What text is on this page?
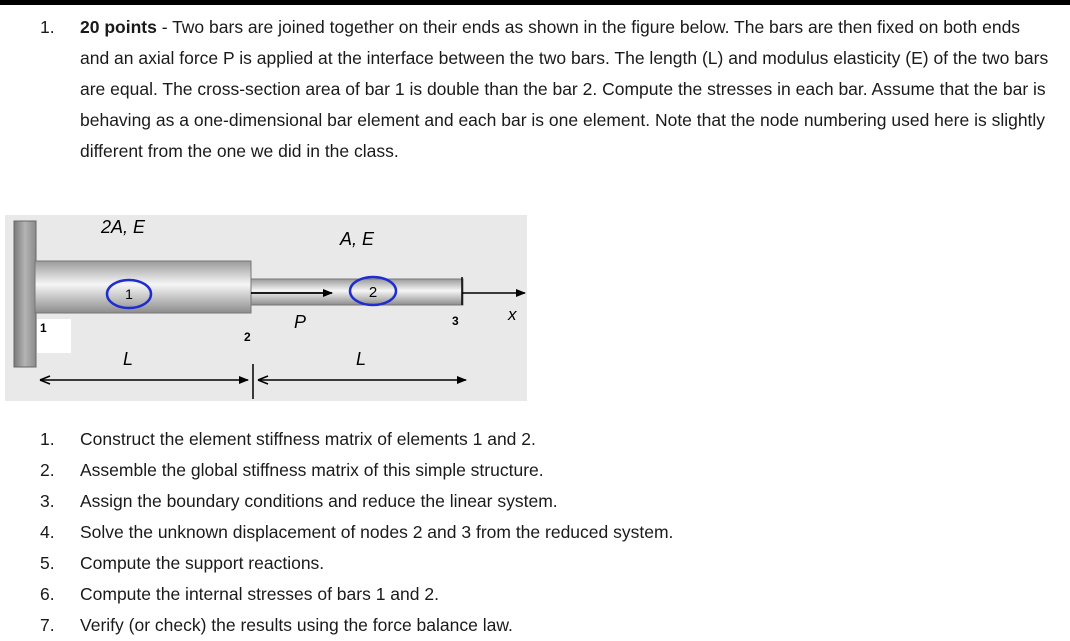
1. 20 points - Two bars are joined together on their ends as shown in the figure below. The bars are then fixed on both ends and an axial force P is applied at the interface between the two bars. The length (L) and modulus elasticity (E) of the two bars are equal. The cross-section area of bar 1 is double than the bar 2. Compute the stresses in each bar. Assume that the bar is behaving as a one-dimensional bar element and each bar is one element. Note that the node numbering used here is slightly different from the one we did in the class.
x
P
1	2
2A, E
A, E
1
2
3
L	L
1. Construct the element stiffness matrix of elements 1 and 2.
2. Assemble the global stiffness matrix of this simple structure.
3. Assign the boundary conditions and reduce the linear system.
4. Solve the unknown displacement of nodes 2 and 3 from the reduced system.
5. Compute the support reactions.
6. Compute the internal stresses of bars 1 and 2.
7. Verify (or check) the results using the force balance law.
